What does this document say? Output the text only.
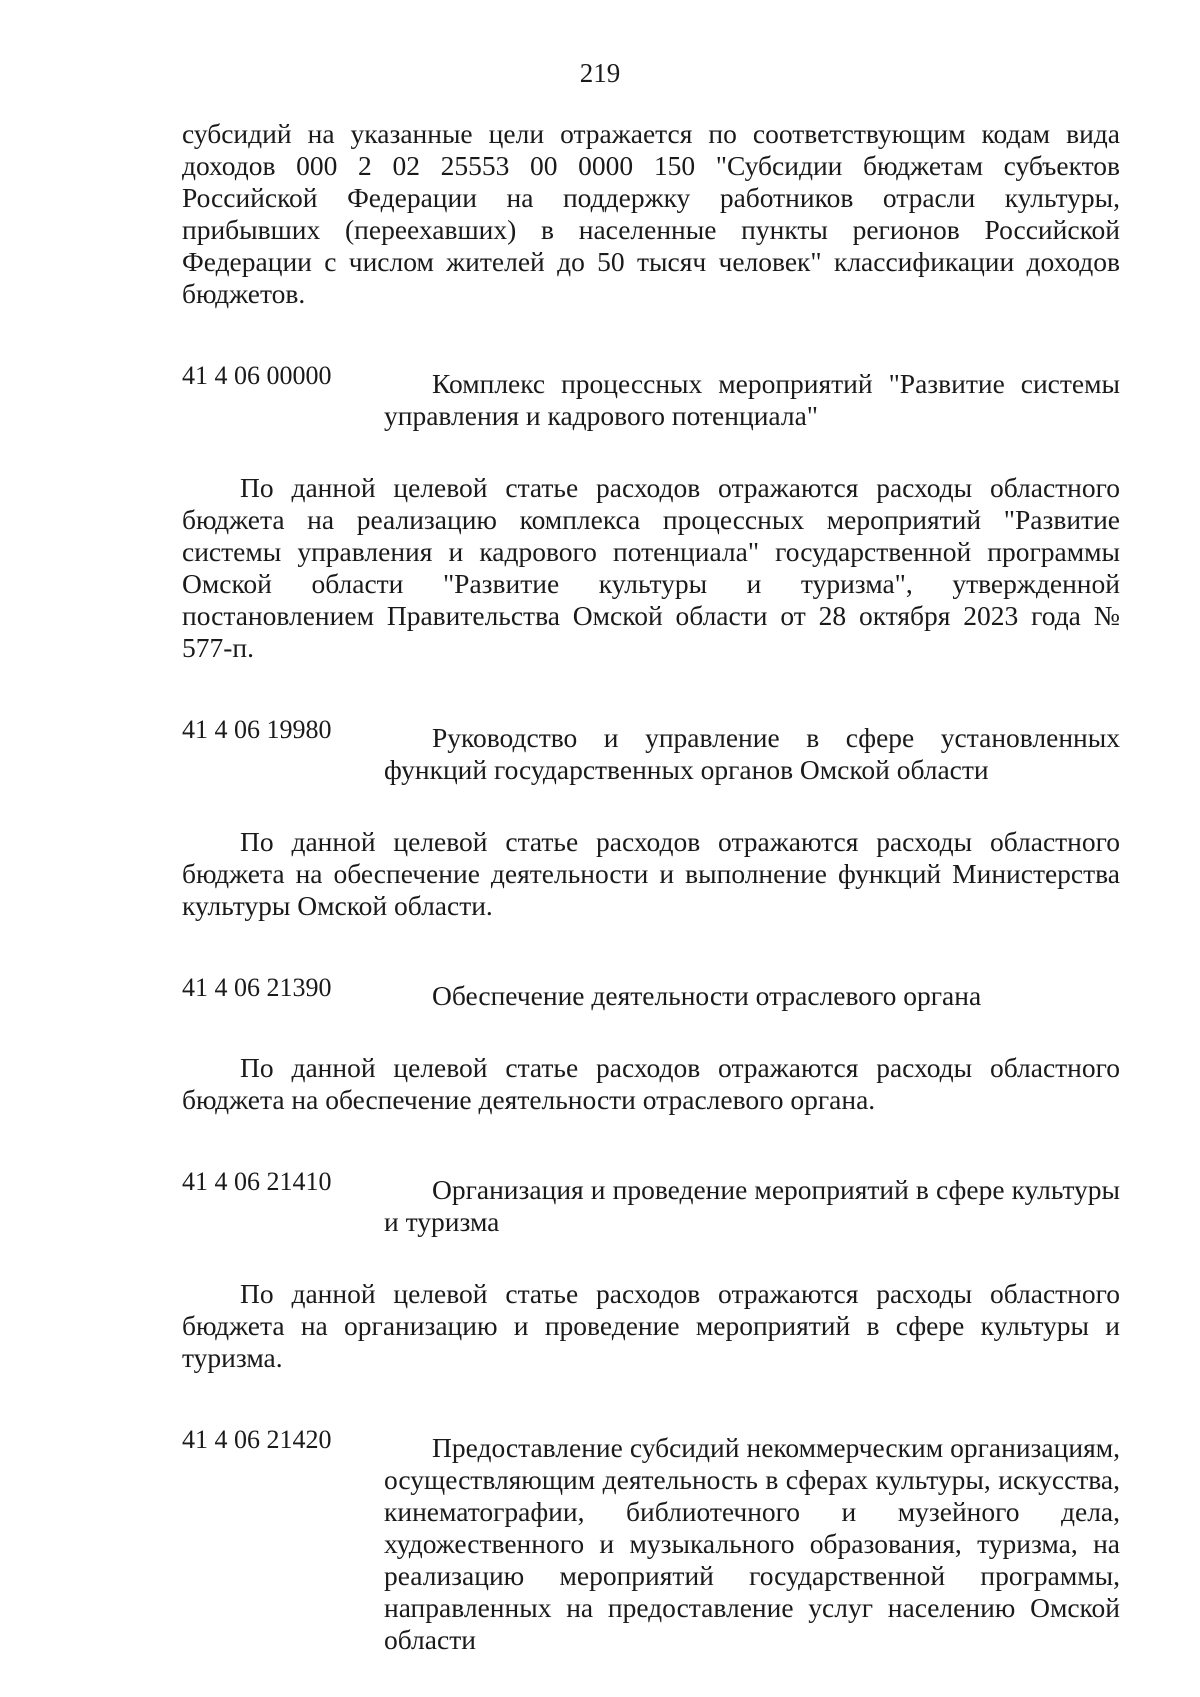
219

субсидий на указанные цели отражается по соответствующим кодам вида доходов 000 2 02 25553 00 0000 150 "Субсидии бюджетам субъектов Российской Федерации на поддержку работников отрасли культуры, прибывших (переехавших) в населенные пункты регионов Российской Федерации с числом жителей до 50 тысяч человек" классификации доходов бюджетов.

41 4 06 00000	Комплекс процессных мероприятий "Развитие системы управления и кадрового потенциала"

По данной целевой статье расходов отражаются расходы областного бюджета на реализацию комплекса процессных мероприятий "Развитие системы управления и кадрового потенциала" государственной программы Омской области "Развитие культуры и туризма", утвержденной постановлением Правительства Омской области от 28 октября 2023 года № 577-п.

41 4 06 19980	Руководство и управление в сфере установленных функций государственных органов Омской области

По данной целевой статье расходов отражаются расходы областного бюджета на обеспечение деятельности и выполнение функций Министерства культуры Омской области.

41 4 06 21390	Обеспечение деятельности отраслевого органа

По данной целевой статье расходов отражаются расходы областного бюджета на обеспечение деятельности отраслевого органа.

41 4 06 21410	Организация и проведение мероприятий в сфере культуры и туризма

По данной целевой статье расходов отражаются расходы областного бюджета на организацию и проведение мероприятий в сфере культуры и туризма.

41 4 06 21420	Предоставление субсидий некоммерческим организациям, осуществляющим деятельность в сферах культуры, искусства, кинематографии, библиотечного и музейного дела, художественного и музыкального образования, туризма, на реализацию мероприятий государственной программы, направленных на предоставление услуг населению Омской области
